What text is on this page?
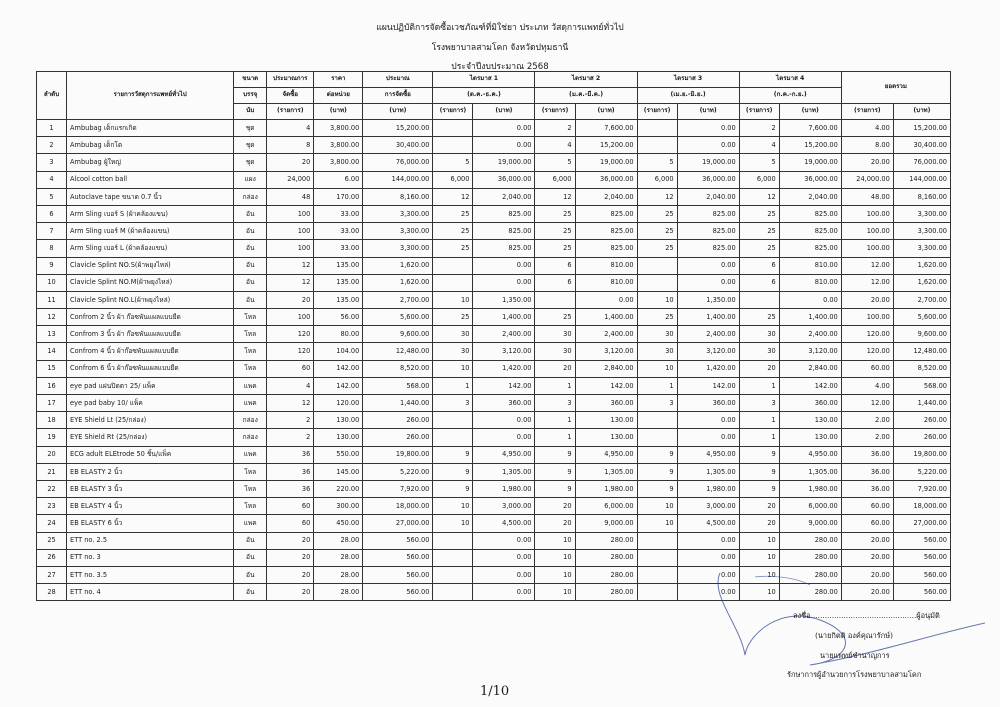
แผนปฏิบัติการจัดซื้อเวชภัณฑ์ที่มิใช่ยา ประเภท วัสดุการแพทย์ทั่วไป
โรงพยาบาลสามโคก จังหวัดปทุมธานี
ประจำปีงบประมาณ 2568
ลำดับ	รายการวัสดุการแพทย์ทั่วไป	ขนาด	ประมาณการ	ราคา	ประมาณ	ไตรมาส 1		ไตรมาส 2		ไตรมาส 3		ไตรมาส 4		ยอดรวม	
		บรรจุ	จัดซื้อ	ต่อหน่วย	การจัดซื้อ	(ต.ค.-ธ.ค.)		(ม.ค.-มี.ค.)		(เม.ย.-มิ.ย.)		(ก.ค.-ก.ย.)			
		นับ	(รายการ)	(บาท)	(บาท)	(รายการ)	(บาท)	(รายการ)	(บาท)	(รายการ)	(บาท)	(รายการ)	(บาท)	(รายการ)	(บาท)
1	Ambubag เด็กแรกเกิด	ชุด	4	3,800.00	15,200.00		0.00	2	7,600.00		0.00	2	7,600.00	4.00	15,200.00
2	Ambubag เด็กโต	ชุด	8	3,800.00	30,400.00		0.00	4	15,200.00		0.00	4	15,200.00	8.00	30,400.00
3	Ambubag ผู้ใหญ่	ชุด	20	3,800.00	76,000.00	5	19,000.00	5	19,000.00	5	19,000.00	5	19,000.00	20.00	76,000.00
4	Alcool cotton ball	แผง	24,000	6.00	144,000.00	6,000	36,000.00	6,000	36,000.00	6,000	36,000.00	6,000	36,000.00	24,000.00	144,000.00
5	Autoclave tape ขนาด 0.7 นิ้ว	กล่อง	48	170.00	8,160.00	12	2,040.00	12	2,040.00	12	2,040.00	12	2,040.00	48.00	8,160.00
6	Arm Sling เบอร์ S (ผ้าคล้องแขน)	อัน	100	33.00	3,300.00	25	825.00	25	825.00	25	825.00	25	825.00	100.00	3,300.00
7	Arm Sling เบอร์ M (ผ้าคล้องแขน)	อัน	100	33.00	3,300.00	25	825.00	25	825.00	25	825.00	25	825.00	100.00	3,300.00
8	Arm Sling เบอร์ L (ผ้าคล้องแขน)	อัน	100	33.00	3,300.00	25	825.00	25	825.00	25	825.00	25	825.00	100.00	3,300.00
9	Clavicle Splint NO.S(ผ้าพยุงไหล่)	อัน	12	135.00	1,620.00		0.00	6	810.00		0.00	6	810.00	12.00	1,620.00
10	Clavicle Splint NO.M(ผ้าพยุงไหล่)	อัน	12	135.00	1,620.00		0.00	6	810.00		0.00	6	810.00	12.00	1,620.00
11	Clavicle Splint NO.L(ผ้าพยุงไหล่)	อัน	20	135.00	2,700.00	10	1,350.00		0.00	10	1,350.00		0.00	20.00	2,700.00
12	Confrom 2 นิ้ว ผ้า ก๊อซพันแผลแบบยืด	โหล	100	56.00	5,600.00	25	1,400.00	25	1,400.00	25	1,400.00	25	1,400.00	100.00	5,600.00
13	Confrom 3 นิ้ว ผ้า ก๊อซพันแผลแบบยืด	โหล	120	80.00	9,600.00	30	2,400.00	30	2,400.00	30	2,400.00	30	2,400.00	120.00	9,600.00
14	Confrom 4 นิ้ว ผ้าก๊อซพันแผลแบบยืด	โหล	120	104.00	12,480.00	30	3,120.00	30	3,120.00	30	3,120.00	30	3,120.00	120.00	12,480.00
15	Confrom 6 นิ้ว ผ้าก๊อซพันแผลแบบยืด	โหล	60	142.00	8,520.00	10	1,420.00	20	2,840.00	10	1,420.00	20	2,840.00	60.00	8,520.00
16	eye pad แผ่นปิดตา 25/ แพ็ค	แพค	4	142.00	568.00	1	142.00	1	142.00	1	142.00	1	142.00	4.00	568.00
17	eye pad baby 10/ แพ็ค	แพค	12	120.00	1,440.00	3	360.00	3	360.00	3	360.00	3	360.00	12.00	1,440.00
18	EYE Shield Lt (25/กล่อง)	กล่อง	2	130.00	260.00		0.00	1	130.00		0.00	1	130.00	2.00	260.00
19	EYE Shield Rt (25/กล่อง)	กล่อง	2	130.00	260.00		0.00	1	130.00		0.00	1	130.00	2.00	260.00
20	ECG adult ELEtrode 50 ชิ้น/แพ็ค	แพค	36	550.00	19,800.00	9	4,950.00	9	4,950.00	9	4,950.00	9	4,950.00	36.00	19,800.00
21	EB ELASTY 2 นิ้ว	โหล	36	145.00	5,220.00	9	1,305.00	9	1,305.00	9	1,305.00	9	1,305.00	36.00	5,220.00
22	EB ELASTY 3 นิ้ว	โหล	36	220.00	7,920.00	9	1,980.00	9	1,980.00	9	1,980.00	9	1,980.00	36.00	7,920.00
23	EB ELASTY 4 นิ้ว	โหล	60	300.00	18,000.00	10	3,000.00	20	6,000.00	10	3,000.00	20	6,000.00	60.00	18,000.00
24	EB ELASTY 6 นิ้ว	แพค	60	450.00	27,000.00	10	4,500.00	20	9,000.00	10	4,500.00	20	9,000.00	60.00	27,000.00
25	ETT no. 2.5	อัน	20	28.00	560.00		0.00	10	280.00		0.00	10	280.00	20.00	560.00
26	ETT no. 3	อัน	20	28.00	560.00		0.00	10	280.00		0.00	10	280.00	20.00	560.00
27	ETT no. 3.5	อัน	20	28.00	560.00		0.00	10	280.00		0.00	10	280.00	20.00	560.00
28	ETT no. 4	อัน	20	28.00	560.00		0.00	10	280.00		0.00	10	280.00	20.00	560.00
ลงชื่อ.............................................ผู้อนุมัติ
(นายกิตติ องค์คุณารักษ์)
นายแพทย์ชำนาญการ
รักษาการผู้อำนวยการโรงพยาบาลสามโคก
1/10
